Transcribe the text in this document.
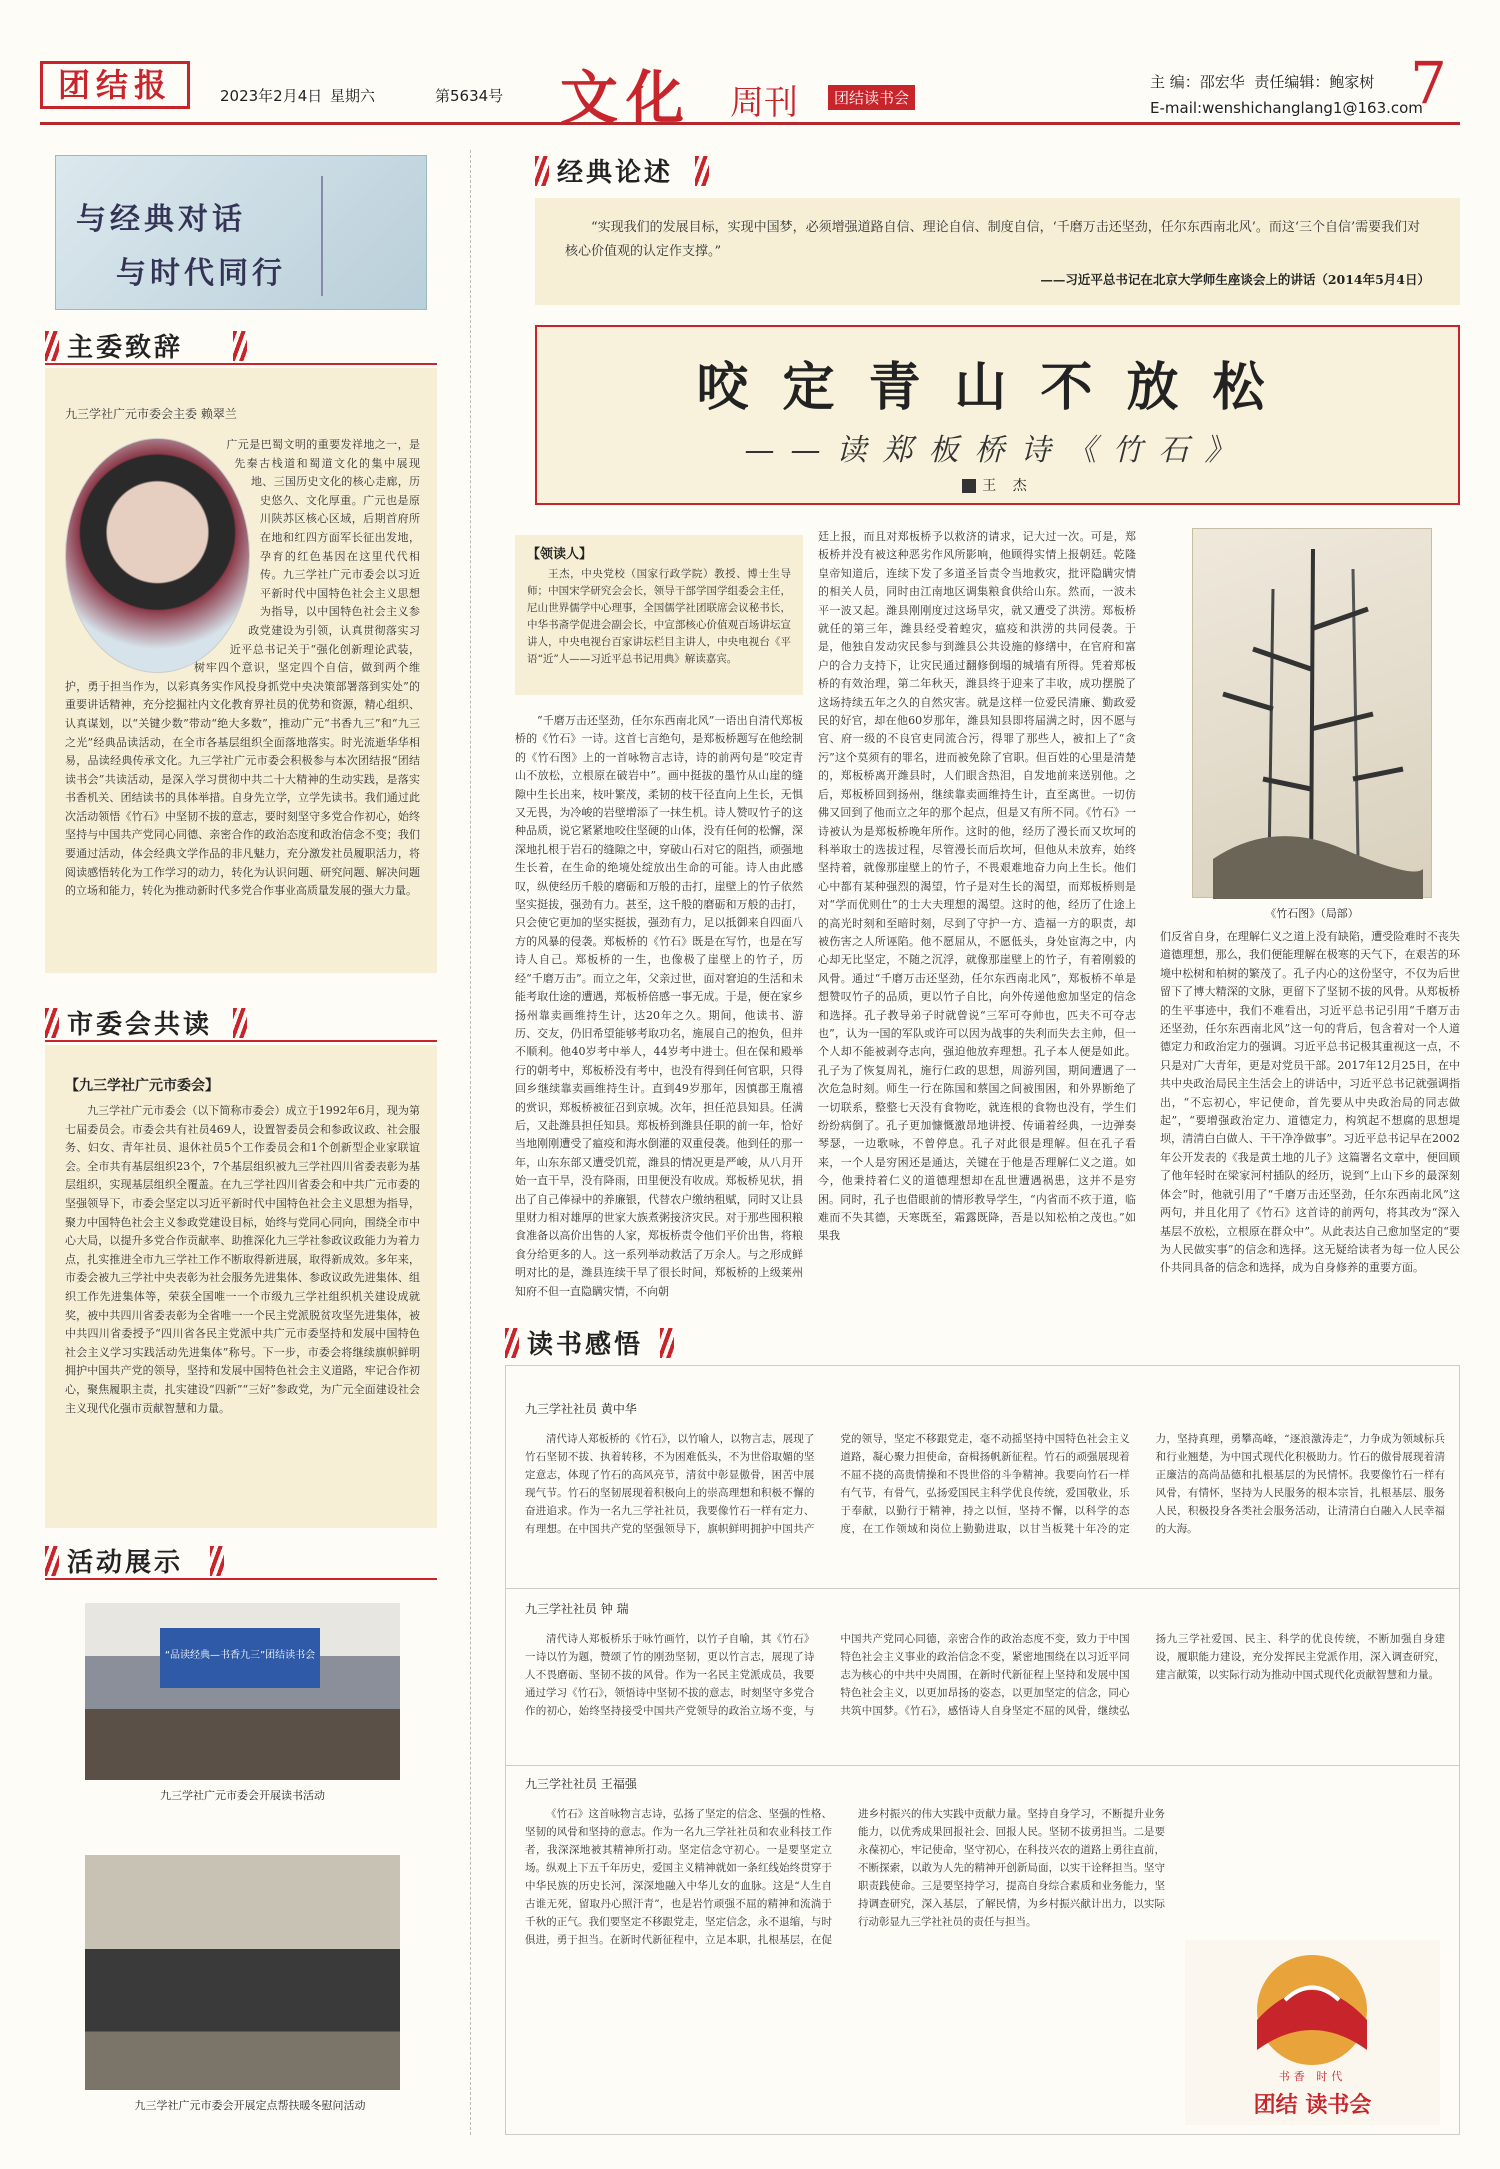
团结报	2023年2月4日 星期六	第5634号 文化 周刊	团结读书会
主 编：邵宏华 责任编辑：鲍家树
E-mail:wenshichanglang1@163.com
7
与经典对话
与时代同行
主委致辞
九三学社广元市委会主委 赖翠兰
广元是巴蜀文明的重要发祥地之一，是先秦古栈道和蜀道文化的集中展现地、三国历史文化的核心走廊，历史悠久、文化厚重。广元也是原川陕苏区核心区域，后期首府所在地和红四方面军长征出发地，孕育的红色基因在这里代代相传。九三学社广元市委会以习近平新时代中国特色社会主义思想为指导，以中国特色社会主义参政党建设为引领，认真贯彻落实习近平总书记关于“强化创新理论武装，树牢四个意识，坚定四个自信，做到两个维护，勇于担当作为，以彩真务实作风投身抓党中央决策部署落到实处”的重要讲话精神，充分挖掘社内文化教育界社员的优势和资源，精心组织、认真谋划，以“关键少数”带动“绝大多数”，推动广元“书香九三”和“九三之光”经典品读活动，在全市各基层组织全面落地落实。时光流逝华华相易，品读经典传承文化。九三学社广元市委会积极参与本次团结报“团结读书会”共读活动，是深入学习贯彻中共二十大精神的生动实践，是落实书香机关、团结读书的具体举措。自身先立学，立学先读书。我们通过此次活动领悟《竹石》中坚韧不拔的意志，要时刻坚守多党合作初心，始终坚持与中国共产党同心同德、亲密合作的政治态度和政治信念不变；我们要通过活动，体会经典文学作品的非凡魅力，充分激发社员履职活力，将阅读感悟转化为工作学习的动力，转化为认识问题、研究问题、解决问题的立场和能力，转化为推动新时代多党合作事业高质量发展的强大力量。
市委会共读
【九三学社广元市委会】
九三学社广元市委会（以下简称市委会）成立于1992年6月，现为第七届委员会。市委会共有社员469人，设置智委员会和参政议政、社会服务、妇女、青年社员、退休社员5个工作委员会和1个创新型企业家联谊会。全市共有基层组织23个，7个基层组织被九三学社四川省委表彰为基层组织，实现基层组织全覆盖。在九三学社四川省委会和中共广元市委的坚强领导下，市委会坚定以习近平新时代中国特色社会主义思想为指导，聚力中国特色社会主义参政党建设目标，始终与党同心同向，围绕全市中心大局，以提升多党合作贡献率、助推深化九三学社参政议政能力为着力点，扎实推进全市九三学社工作不断取得新进展，取得新成效。多年来，市委会被九三学社中央表彰为社会服务先进集体、参政议政先进集体、组织工作先进集体等，荣获全国唯一一个市级九三学社组织机关建设成就奖，被中共四川省委表彰为全省唯一一个民主党派脱贫攻坚先进集体，被中共四川省委授予“四川省各民主党派中共广元市委坚持和发展中国特色社会主义学习实践活动先进集体”称号。下一步，市委会将继续旗帜鲜明拥护中国共产党的领导，坚持和发展中国特色社会主义道路，牢记合作初心，聚焦履职主责，扎实建设“四新”“三好”参政党，为广元全面建设社会主义现代化强市贡献智慧和力量。
活动展示
“品读经典—书香九三”团结读书会
九三学社广元市委会开展读书活动
九三学社广元市委会开展定点帮扶暖冬慰问活动
经典论述
“实现我们的发展目标，实现中国梦，必须增强道路自信、理论自信、制度自信，‘千磨万击还坚劲，任尔东西南北风’。而这‘三个自信’需要我们对核心价值观的认定作支撑。”
——习近平总书记在北京大学师生座谈会上的讲话（2014年5月4日）
咬定青山不放松
——读郑板桥诗《竹石》
王 杰
【领读人】
王杰，中央党校（国家行政学院）教授、博士生导师；中国宋学研究会会长，领导干部学国学组委会主任，尼山世界儒学中心理事，全国儒学社团联席会议秘书长，中华书斋学促进会副会长，中宣部核心价值观百场讲坛宣讲人，中央电视台百家讲坛栏目主讲人，中央电视台《平语“近”人——习近平总书记用典》解读嘉宾。
“千磨万击还坚劲，任尔东西南北风”一语出自清代郑板桥的《竹石》一诗。这首七言绝句，是郑板桥题写在他绘制的《竹石图》上的一首咏物言志诗，诗的前两句是“咬定青山不放松，立根原在破岩中”。画中挺拔的墨竹从山崖的缝隙中生长出来，枝叶繁茂，柔韧的枝干径直向上生长，无惧又无畏，为冷峻的岩壁增添了一抹生机。诗人赞叹竹子的这种品质，说它紧紧地咬住坚硬的山体，没有任何的松懈，深深地扎根于岩石的缝隙之中，穿破山石对它的阻挡，顽强地生长着，在生命的绝境处绽放出生命的可能。诗人由此感叹，纵使经历千般的磨砺和万般的击打，崖壁上的竹子依然坚实挺拔，强劲有力。甚至，这千般的磨砺和万般的击打，只会使它更加的坚实挺拔，强劲有力，足以抵御来自四面八方的风暴的侵袭。郑板桥的《竹石》既是在写竹，也是在写诗人自己。郑板桥的一生，也像极了崖壁上的竹子，历经“千磨万击”。而立之年，父亲过世，面对窘迫的生活和未能考取仕途的遭遇，郑板桥倍感一事无成。于是，便在家乡扬州靠卖画维持生计，达20年之久。期间，他读书、游历、交友，仍旧希望能够考取功名，施展自己的抱负，但并不顺利。他40岁考中举人，44岁考中进士。但在保和殿举行的朝考中，郑板桥没有考中，也没有得到任何官职，只得回乡继续靠卖画维持生计。直到49岁那年，因慎郡王胤禧的赏识，郑板桥被征召到京城。次年，担任范县知县。任满后，又赴潍县担任知县。郑板桥到潍县任职的前一年，恰好当地刚刚遭受了瘟疫和海水倒灌的双重侵袭。他到任的那一年，山东东部又遭受饥荒，潍县的情况更是严峻，从八月开始一直干旱，没有降雨，田里便没有收成。郑板桥见状，捐出了自己俸禄中的养廉银，代替农户缴纳租赋，同时又让县里财力相对雄厚的世家大族煮粥接济灾民。对于那些囤积粮食准备以高价出售的人家，郑板桥责令他们平价出售，将粮食分给更多的人。这一系列举动救活了万余人。与之形成鲜明对比的是，潍县连续干旱了很长时间，郑板桥的上级莱州知府不但一直隐瞒灾情，不向朝
廷上报，而且对郑板桥予以救济的请求，记大过一次。可是，郑板桥并没有被这种恶劣作风所影响，他顾得实情上报朝廷。乾隆皇帝知道后，连续下发了多道圣旨责令当地救灾，批评隐瞒灾情的相关人员，同时由江南地区调集粮食供给山东。然而，一波未平一波又起。潍县刚刚度过这场旱灾，就又遭受了洪涝。郑板桥就任的第三年，潍县经受着蝗灾，瘟疫和洪涝的共同侵袭。于是，他独自发动灾民参与到潍县公共设施的修缮中，在官府和富户的合力支持下，让灾民通过翻修倒塌的城墙有所得。凭着郑板桥的有效治理，第二年秋天，潍县终于迎来了丰收，成功摆脱了这场持续五年之久的自然灾害。就是这样一位爱民清廉、勤政爱民的好官，却在他60岁那年，潍县知县即将届满之时，因不愿与官、府一级的不良官吏同流合污，得罪了那些人，被扣上了“贪污”这个莫须有的罪名，进而被免除了官职。但百姓的心里是清楚的，郑板桥离开潍县时，人们眼含热泪，自发地前来送别他。之后，郑板桥回到扬州，继续靠卖画维持生计，直至离世。一切仿佛又回到了他而立之年的那个起点，但是又有所不同。《竹石》一诗被认为是郑板桥晚年所作。这时的他，经历了漫长而又坎坷的科举取士的选拔过程，尽管漫长而后坎坷，但他从未放弃，始终坚持着，就像那崖壁上的竹子，不畏艰难地奋力向上生长。他们心中都有某种强烈的渴望，竹子是对生长的渴望，而郑板桥则是对“学而优则仕”的士大夫理想的渴望。这时的他，经历了仕途上的高光时刻和至暗时刻，尽到了守护一方、造福一方的职责，却被伤害之人所诬陷。他不愿屈从，不愿低头，身处宦海之中，内心却无比坚定，不随之沉浮，就像那崖壁上的竹子，有着刚毅的风骨。通过“千磨万击还坚劲，任尔东西南北风”，郑板桥不单是想赞叹竹子的品质，更以竹子自比，向外传递他愈加坚定的信念和选择。孔子教导弟子时就曾说“三军可夺帅也，匹夫不可夺志也”，认为一国的军队或许可以因为战事的失利而失去主帅，但一个人却不能被剥夺志向，强迫他放弃理想。孔子本人便是如此。孔子为了恢复周礼，施行仁政的思想，周游列国，期间遭遇了一次危急时刻。师生一行在陈国和蔡国之间被围困，和外界断绝了一切联系，整整七天没有食物吃，就连根的食物也没有，学生们纷纷病倒了。孔子更加慷慨激昂地讲授、传诵着经典，一边弹奏琴瑟，一边歌咏，不曾停息。孔子对此很是理解。但在孔子看来，一个人是穷困还是通达，关键在于他是否理解仁义之道。如今，他秉持着仁义的道德理想却在乱世遭遇祸患，这并不是穷困。同时，孔子也借眼前的情形教导学生，“内省而不疚于道，临难而不失其德，天寒既至，霜露既降，吾是以知松柏之茂也。”如果我
《竹石图》（局部）
们反省自身，在理解仁义之道上没有缺陷，遭受险难时不丧失道德理想，那么，我们便能理解在极寒的天气下，在艰苦的环境中松树和柏树的繁茂了。孔子内心的这份坚守，不仅为后世留下了博大精深的文脉，更留下了坚韧不拔的风骨。从郑板桥的生平事迹中，我们不难看出，习近平总书记引用“千磨万击还坚劲，任尔东西南北风”这一句的背后，包含着对一个人道德定力和政治定力的强调。习近平总书记极其重视这一点，不只是对广大青年，更是对党员干部。2017年12月25日，在中共中央政治局民主生活会上的讲话中，习近平总书记就强调指出，“不忘初心，牢记使命，首先要从中央政治局的同志做起”，“要增强政治定力、道德定力，构筑起不想腐的思想堤坝，清清白白做人、干干净净做事”。习近平总书记早在2002年公开发表的《我是黄土地的儿子》这篇署名文章中，便回顾了他年轻时在梁家河村插队的经历，说到“上山下乡的最深刻体会”时，他就引用了“千磨万击还坚劲，任尔东西南北风”这两句，并且化用了《竹石》这首诗的前两句，将其改为“深入基层不放松，立根原在群众中”。从此表达自己愈加坚定的“要为人民做实事”的信念和选择。这无疑给读者为每一位人民公仆共同具备的信念和选择，成为自身修养的重要方面。
读书感悟
九三学社社员 黄中华
清代诗人郑板桥的《竹石》，以竹喻人，以物言志，展现了竹石坚韧不拔、执着转移，不为困难低头，不为世俗取媚的坚定意志，体现了竹石的高风亮节，清贫中彰显傲骨，困苦中展现气节。竹石的坚韧展现着积极向上的崇高理想和积极不懈的奋进追求。作为一名九三学社社员，我要像竹石一样有定力、有理想。在中国共产党的坚强领导下，旗帜鲜明拥护中国共产党的领导，坚定不移跟党走，毫不动摇坚持中国特色社会主义道路，凝心聚力担使命，奋楫扬帆新征程。竹石的顽强展现着不屈不挠的高贵情操和不畏世俗的斗争精神。我要向竹石一样有气节，有骨气，弘扬爱国民主科学优良传统，爱国敬业，乐于奉献，以勤行于精神，持之以恒，坚持不懈，以科学的态度，在工作领域和岗位上勤勤进取，以甘当板凳十年冷的定力，坚持真理，勇攀高峰，“逐浪激涛走”，力争成为领域标兵和行业翘楚，为中国式现代化积极助力。竹石的傲骨展现着清正廉洁的高尚品德和扎根基层的为民情怀。我要像竹石一样有风骨，有情怀，坚持为人民服务的根本宗旨，扎根基层、服务人民，积极投身各类社会服务活动，让清清白白融入人民幸福的大海。
九三学社社员 钟 瑞
清代诗人郑板桥乐于咏竹画竹，以竹子自喻，其《竹石》一诗以竹为题，赞颂了竹的刚劲坚韧，更以竹言志，展现了诗人不畏磨砺、坚韧不拔的风骨。作为一名民主党派成员，我要通过学习《竹石》，领悟诗中坚韧不拔的意志，时刻坚守多党合作的初心，始终坚持接受中国共产党领导的政治立场不变，与中国共产党同心同德，亲密合作的政治态度不变，致力于中国特色社会主义事业的政治信念不变，紧密地围绕在以习近平同志为核心的中共中央周围，在新时代新征程上坚持和发展中国特色社会主义，以更加昂扬的姿态，以更加坚定的信念，同心共筑中国梦。《竹石》，感悟诗人自身坚定不屈的风骨，继续弘扬九三学社爱国、民主、科学的优良传统，不断加强自身建设，履职能力建设，充分发挥民主党派作用，深入调查研究，建言献策，以实际行动为推动中国式现代化贡献智慧和力量。
九三学社社员 王福强
《竹石》这首咏物言志诗，弘扬了坚定的信念、坚强的性格、坚韧的风骨和坚持的意志。作为一名九三学社社员和农业科技工作者，我深深地被其精神所打动。坚定信念守初心。一是要坚定立场。纵观上下五千年历史，爱国主义精神就如一条红线始终贯穿于中华民族的历史长河，深深地融入中华儿女的血脉。这是“人生自古谁无死，留取丹心照汗青”，也是岩竹顽强不屈的精神和流淌于千秋的正气。我们要坚定不移跟党走，坚定信念，永不退缩，与时俱进，勇于担当。在新时代新征程中，立足本职，扎根基层，在促进乡村振兴的伟大实践中贡献力量。坚持自身学习，不断提升业务能力，以优秀成果回报社会、回报人民。坚韧不拔勇担当。二是要永葆初心，牢记使命，坚守初心，在科技兴农的道路上勇往直前，不断探索，以敢为人先的精神开创新局面，以实干诠释担当。坚守职责践使命。三是要坚持学习，提高自身综合素质和业务能力，坚持调查研究，深入基层，了解民情，为乡村振兴献计出力，以实际行动彰显九三学社社员的责任与担当。
书香 时代
团结 读书会
